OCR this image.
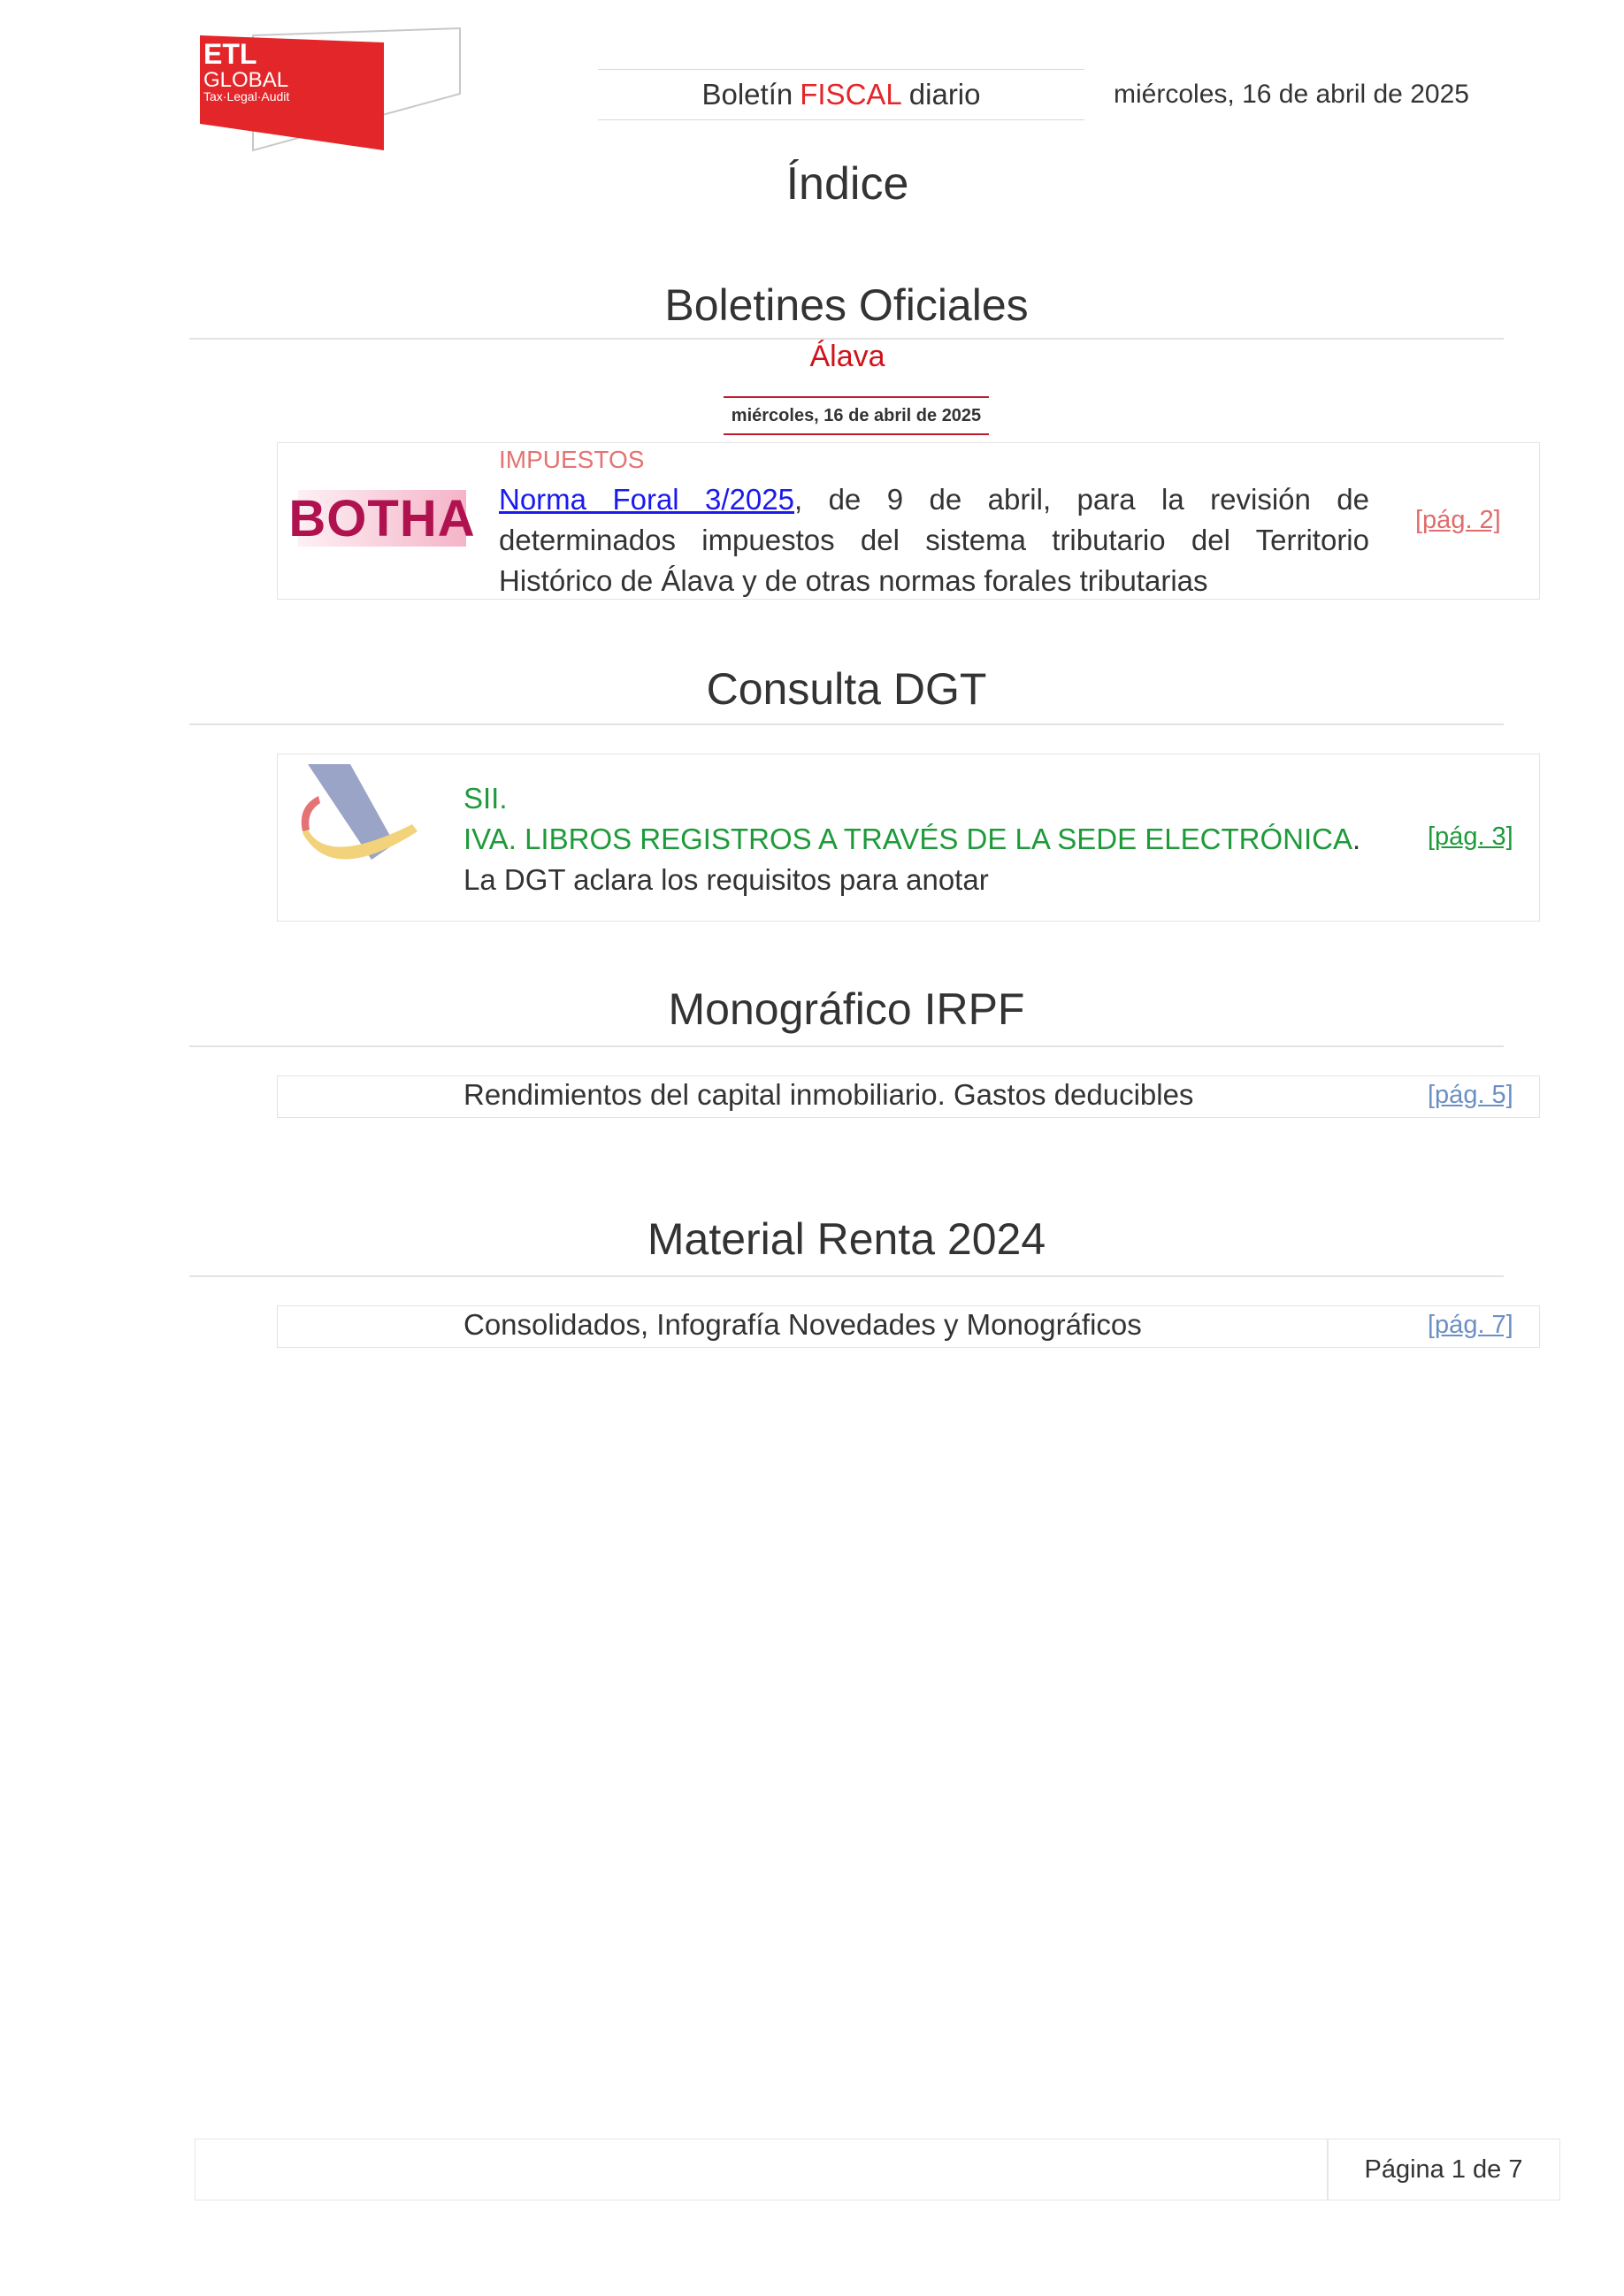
ETL
GLOBAL
Tax·Legal·Audit	Boletín FISCAL diario	miércoles, 16 de abril de 2025
Índice
Boletines Oficiales
Álava
miércoles, 16 de abril de 2025
BOTHA
IMPUESTOS
Norma Foral 3/2025, de 9 de abril, para la revisión de determinados impuestos del sistema tributario del Territorio Histórico de Álava y de otras normas forales tributarias
[pág. 2]
Consulta DGT
SII.
IVA. LIBROS REGISTROS A TRAVÉS DE LA SEDE ELECTRÓNICA. La DGT aclara los requisitos para anotar
[pág. 3]
Monográfico IRPF
Rendimientos del capital inmobiliario. Gastos deducibles	[pág. 5]
Material Renta 2024
Consolidados, Infografía Novedades y Monográficos	[pág. 7]
Página 1 de 7
